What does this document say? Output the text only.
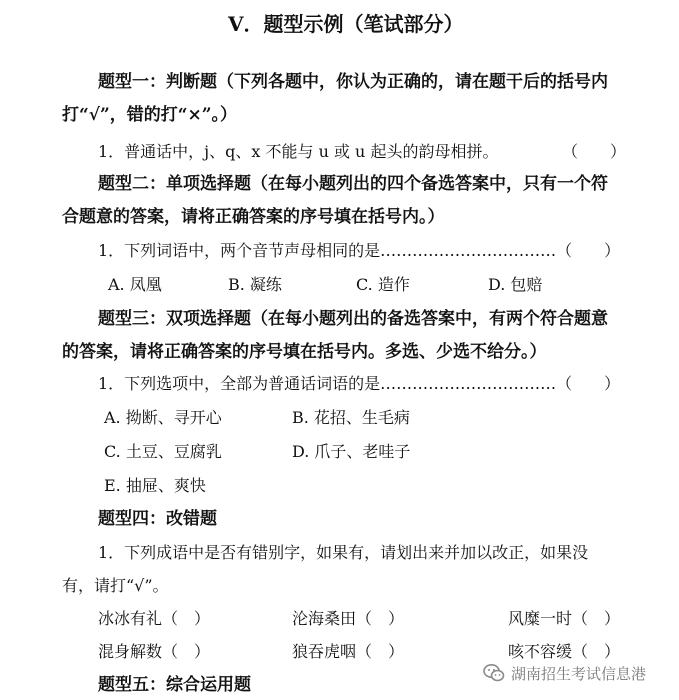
Ⅴ．题型示例（笔试部分）
题型一：判断题（下列各题中，你认为正确的，请在题干后的括号内
打“√”，错的打“×”。）
1．普通话中，j、q、x 不能与 u 或 u 起头的韵母相拼。	（　　）
题型二：单项选择题（在每小题列出的四个备选答案中，只有一个符
合题意的答案，请将正确答案的序号填在括号内。）
1．下列词语中，两个音节声母相同的是……………………………（　　）
A. 凤凰	B. 凝练	C. 造作	D. 包赔
题型三：双项选择题（在每小题列出的备选答案中，有两个符合题意
的答案，请将正确答案的序号填在括号内。多选、少选不给分。）
1．下列选项中，全部为普通话词语的是……………………………（　　）
A. 拗断、寻开心	B. 花招、生毛病
C. 土豆、豆腐乳	D. 爪子、老哇子
E. 抽屉、爽快
题型四：改错题
1．下列成语中是否有错别字，如果有，请划出来并加以改正，如果没
有，请打“√”。
冰冰有礼（　）	沦海桑田（　）	风糜一时（　）
混身解数（　）	狼吞虎咽（　）	咳不容缓（　）
题型五：综合运用题
湖南招生考试信息港
